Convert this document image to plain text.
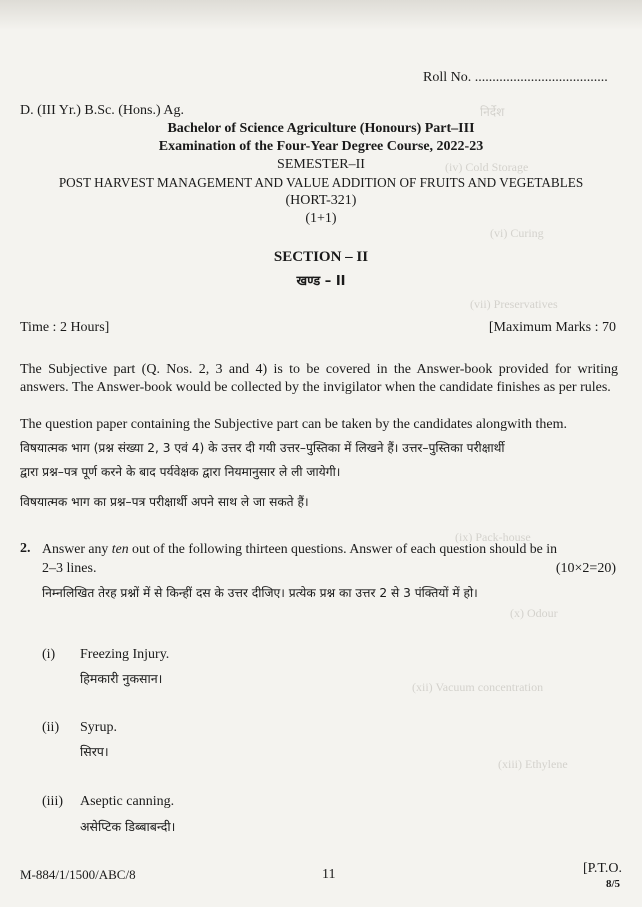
निर्देश
(iv) Cold Storage
(vi) Curing
(vii) Preservatives
(ix) Pack-house
(x) Odour
(xii) Vacuum concentration
(xiii) Ethylene
Roll No. ......................................
D. (III Yr.) B.Sc. (Hons.) Ag.
Bachelor of Science Agriculture (Honours) Part–III
Examination of the Four-Year Degree Course, 2022-23
SEMESTER–II
POST HARVEST MANAGEMENT AND VALUE ADDITION OF FRUITS AND VEGETABLES
(HORT-321)
(1+1)
SECTION – II
खण्ड – II
Time : 2 Hours]	[Maximum Marks : 70
The Subjective part (Q. Nos. 2, 3 and 4) is to be covered in the Answer-book provided for writing answers. The Answer-book would be collected by the invigilator when the candidate finishes as per rules.
The question paper containing the Subjective part can be taken by the candidates alongwith them.
विषयात्मक भाग (प्रश्न संख्या 2, 3 एवं 4) के उत्तर दी गयी उत्तर–पुस्तिका में लिखने हैं। उत्तर–पुस्तिका परीक्षार्थी
द्वारा प्रश्न–पत्र पूर्ण करने के बाद पर्यवेक्षक द्वारा नियमानुसार ले ली जायेगी।
विषयात्मक भाग का प्रश्न–पत्र परीक्षार्थी अपने साथ ले जा सकते हैं।
2. Answer any ten out of the following thirteen questions. Answer of each question should be in
2–3 lines.	(10×2=20)
निम्नलिखित तेरह प्रश्नों में से किन्हीं दस के उत्तर दीजिए। प्रत्येक प्रश्न का उत्तर 2 से 3 पंक्तियों में हो।
(i) Freezing Injury.
हिमकारी नुकसान।
(ii) Syrup.
सिरप।
(iii) Aseptic canning.
असेप्टिक डिब्बाबन्दी।
M-884/1/1500/ABC/8	11	[P.T.O.
8/5
